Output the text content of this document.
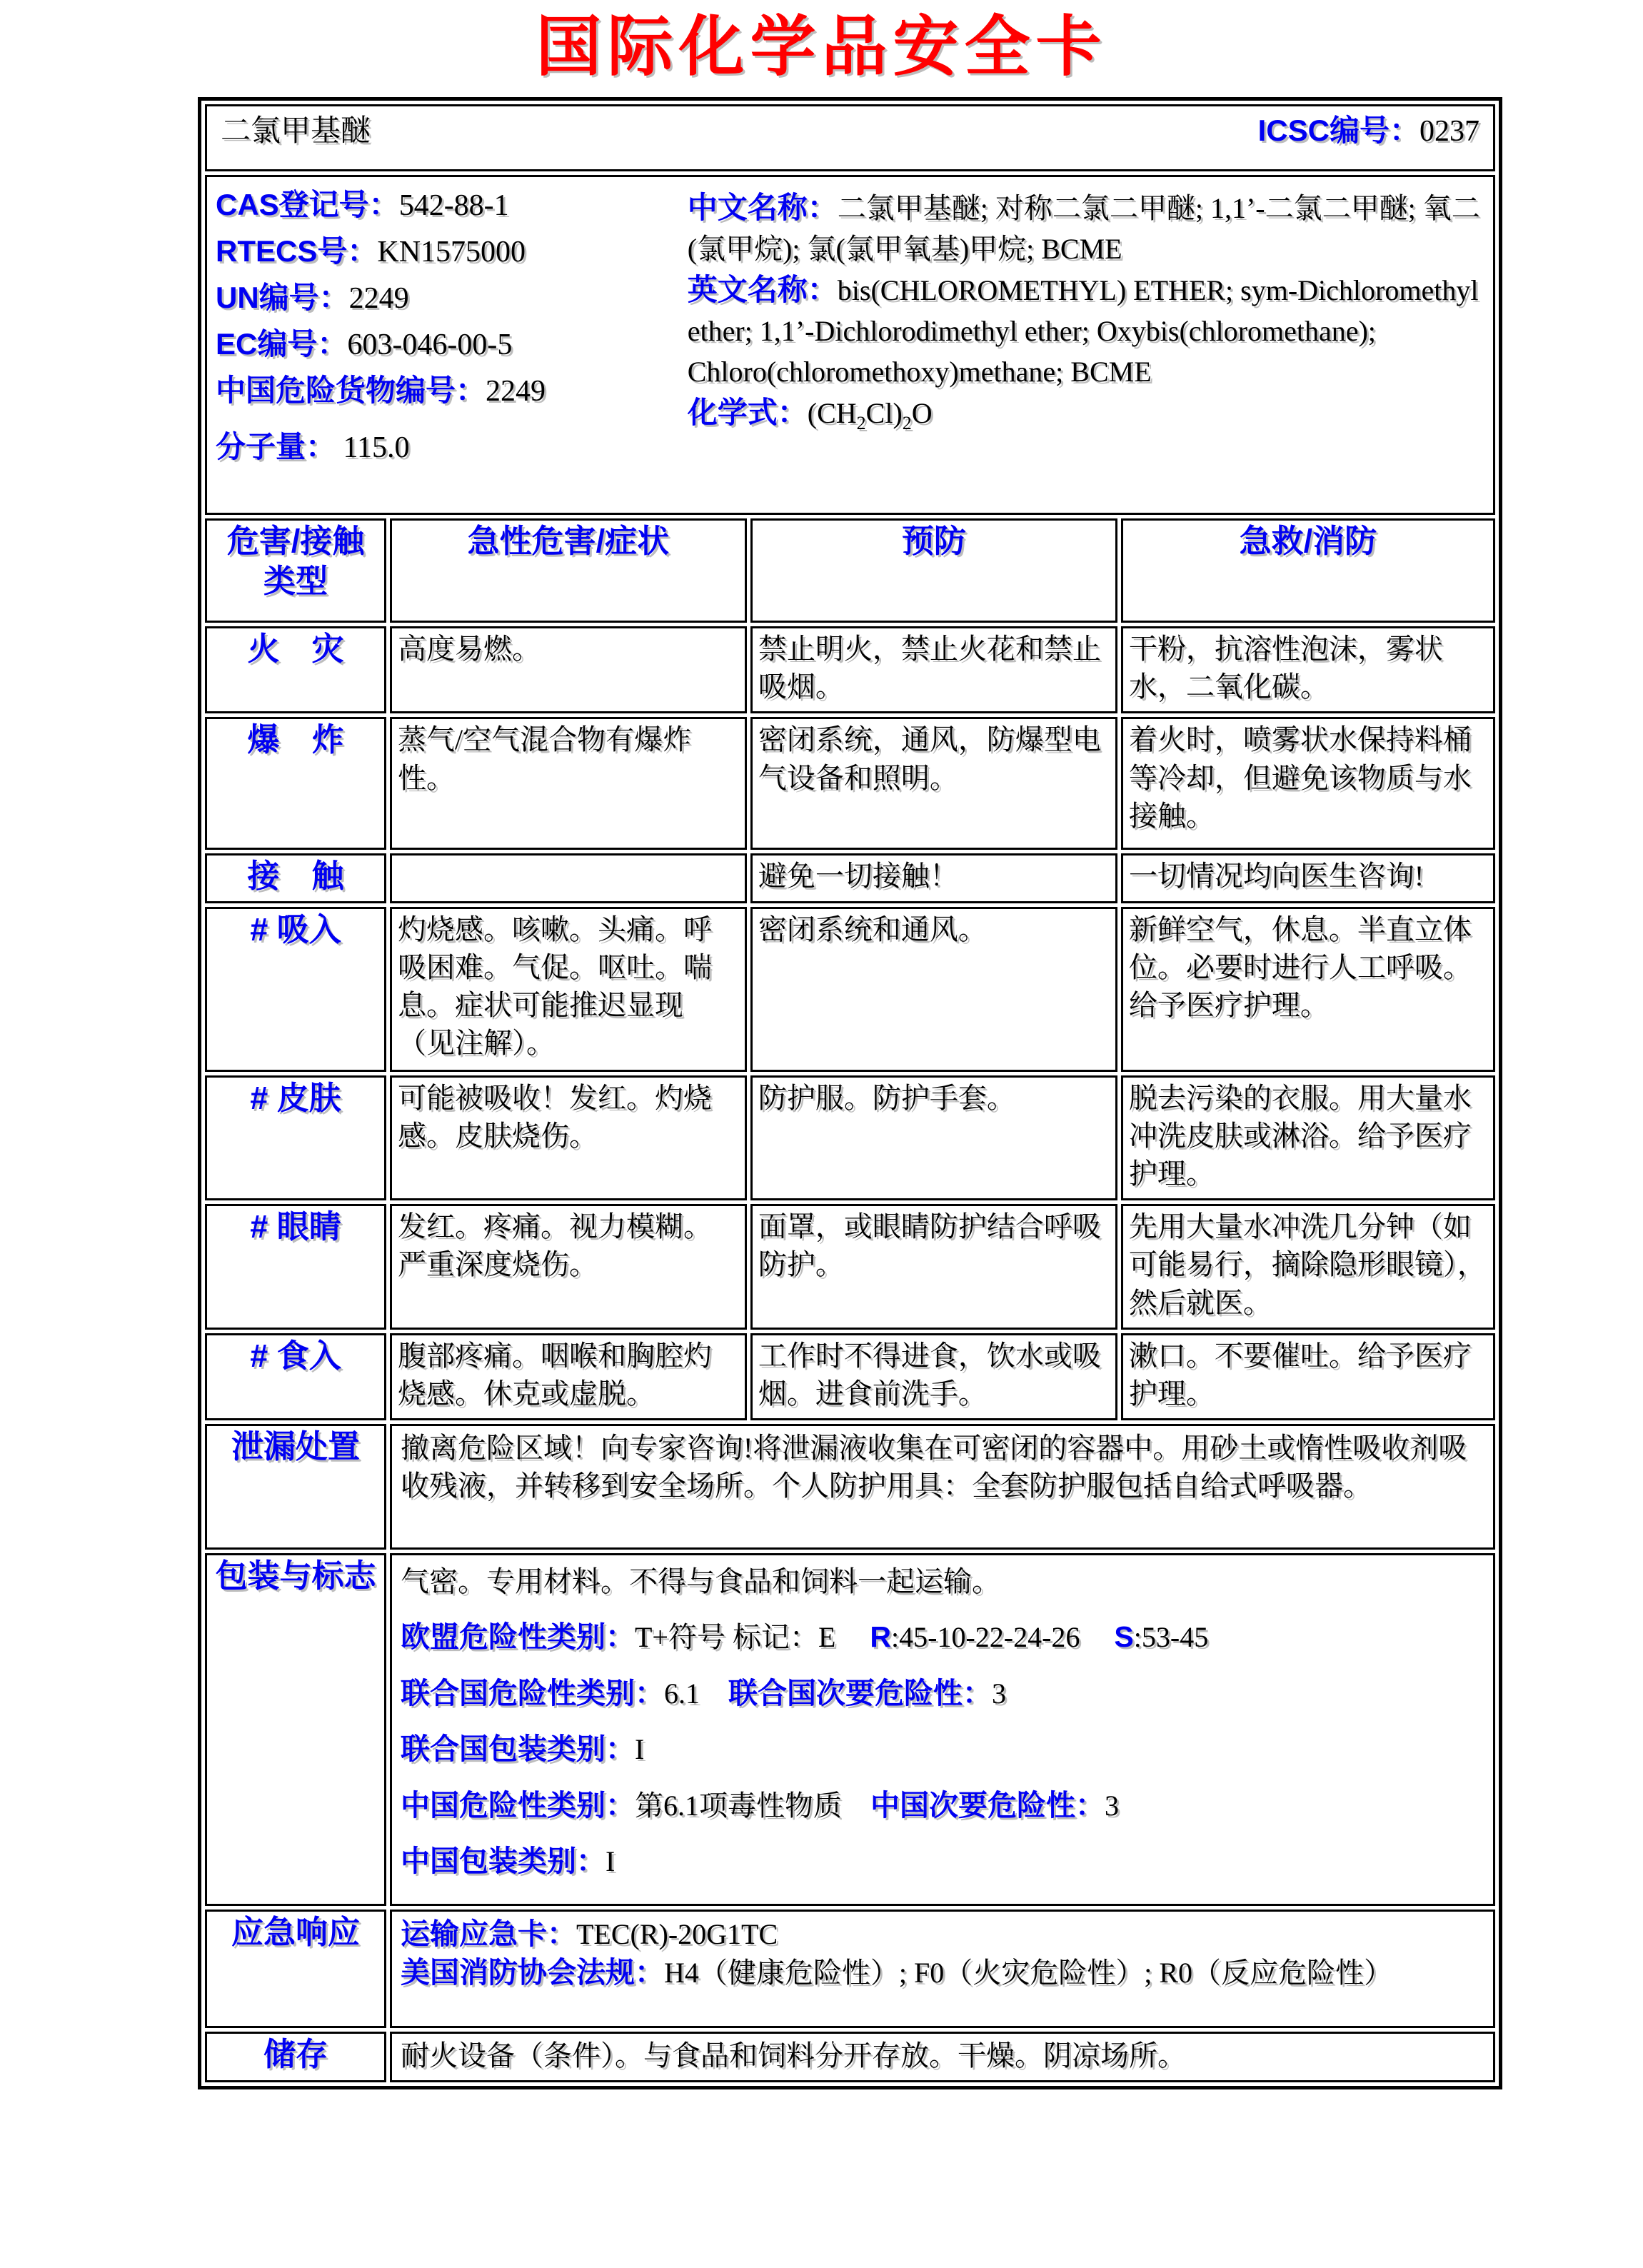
国际化学品安全卡
二氯甲基醚 ICSC编号：0237			

CAS登记号：542-88-1

RTECS号：KN1575000

UN编号：2249

EC编号：603-046-00-5

中国危险货物编号：2249

分子量： 115.0

中文名称：二氯甲基醚; 对称二氯二甲醚; 1,1’-二氯二甲醚; 氧二(氯甲烷); 氯(氯甲氧基)甲烷; BCME

英文名称：bis(CHLOROMETHYL) ETHER; sym-Dichloromethyl ether; 1,1’-Dichlorodimethyl ether; Oxybis(chloromethane); Chloro(chloromethoxy)methane; BCME

化学式：$(CH_2Cl)_2O$

危害/接触
类型	急性危害/症状	预防	急救/消防
火　灾	高度易燃。	禁止明火，禁止火花和禁止吸烟。	干粉，抗溶性泡沫，雾状水，二氧化碳。
爆　炸	蒸气/空气混合物有爆炸性。	密闭系统，通风，防爆型电气设备和照明。	着火时，喷雾状水保持料桶等冷却，但避免该物质与水接触。
接　触		避免一切接触！	一切情况均向医生咨询!
# 吸入	灼烧感。咳嗽。头痛。呼吸困难。气促。呕吐。喘息。症状可能推迟显现（见注解）。	密闭系统和通风。	新鲜空气，休息。半直立体位。必要时进行人工呼吸。给予医疗护理。
# 皮肤	可能被吸收！发红。灼烧感。皮肤烧伤。	防护服。防护手套。	脱去污染的衣服。用大量水冲洗皮肤或淋浴。给予医疗护理。
# 眼睛	发红。疼痛。视力模糊。严重深度烧伤。	面罩，或眼睛防护结合呼吸防护。	先用大量水冲洗几分钟（如可能易行，摘除隐形眼镜），然后就医。
# 食入	腹部疼痛。咽喉和胸腔灼烧感。休克或虚脱。	工作时不得进食，饮水或吸烟。进食前洗手。	漱口。不要催吐。给予医疗护理。
泄漏处置	撤离危险区域！向专家咨询!将泄漏液收集在可密闭的容器中。用砂土或惰性吸收剂吸收残液，并转移到安全场所。个人防护用具：全套防护服包括自给式呼吸器。		
包装与标志	气密。专用材料。不得与食品和饲料一起运输。

欧盟危险性类别：T+符号 标记：E R:45-10-22-24-26 S:53-45

联合国危险性类别：6.1 联合国次要危险性：3

联合国包装类别：I

中国危险性类别：第6.1项毒性物质 中国次要危险性：3

中国包装类别：I

应急响应	运输应急卡：TEC(R)-20G1TC

美国消防协会法规：H4（健康危险性）; F0（火灾危险性）; R0（反应危险性）		

储存	耐火设备（条件）。与食品和饲料分开存放。干燥。阴凉场所。		
